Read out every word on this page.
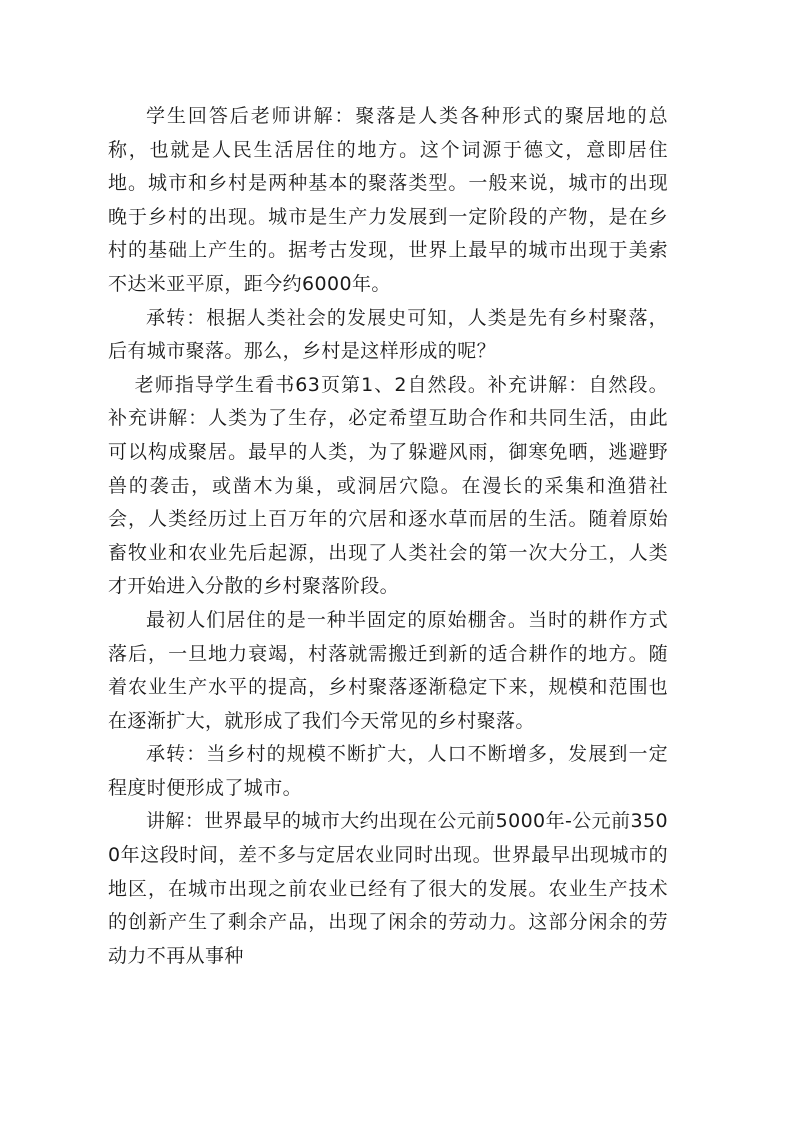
学生回答后老师讲解：聚落是人类各种形式的聚居地的总称，也就是人民生活居住的地方。这个词源于德文，意即居住地。城市和乡村是两种基本的聚落类型。一般来说，城市的出现晚于乡村的出现。城市是生产力发展到一定阶段的产物，是在乡村的基础上产生的。据考古发现，世界上最早的城市出现于美索不达米亚平原，距今约6000年。

承转：根据人类社会的发展史可知，人类是先有乡村聚落，后有城市聚落。那么，乡村是这样形成的呢？

老师指导学生看书63页第1、2自然段。补充讲解：自然段。补充讲解：人类为了生存，必定希望互助合作和共同生活，由此可以构成聚居。最早的人类，为了躲避风雨，御寒免晒，逃避野兽的袭击，或凿木为巢，或洞居穴隐。在漫长的采集和渔猎社会，人类经历过上百万年的穴居和逐水草而居的生活。随着原始畜牧业和农业先后起源，出现了人类社会的第一次大分工，人类才开始进入分散的乡村聚落阶段。

最初人们居住的是一种半固定的原始棚舍。当时的耕作方式落后，一旦地力衰竭，村落就需搬迁到新的适合耕作的地方。随着农业生产水平的提高，乡村聚落逐渐稳定下来，规模和范围也在逐渐扩大，就形成了我们今天常见的乡村聚落。

承转：当乡村的规模不断扩大，人口不断增多，发展到一定程度时便形成了城市。

讲解：世界最早的城市大约出现在公元前5000年-公元前3500年这段时间，差不多与定居农业同时出现。世界最早出现城市的地区，在城市出现之前农业已经有了很大的发展。农业生产技术的创新产生了剩余产品，出现了闲余的劳动力。这部分闲余的劳动力不再从事种
